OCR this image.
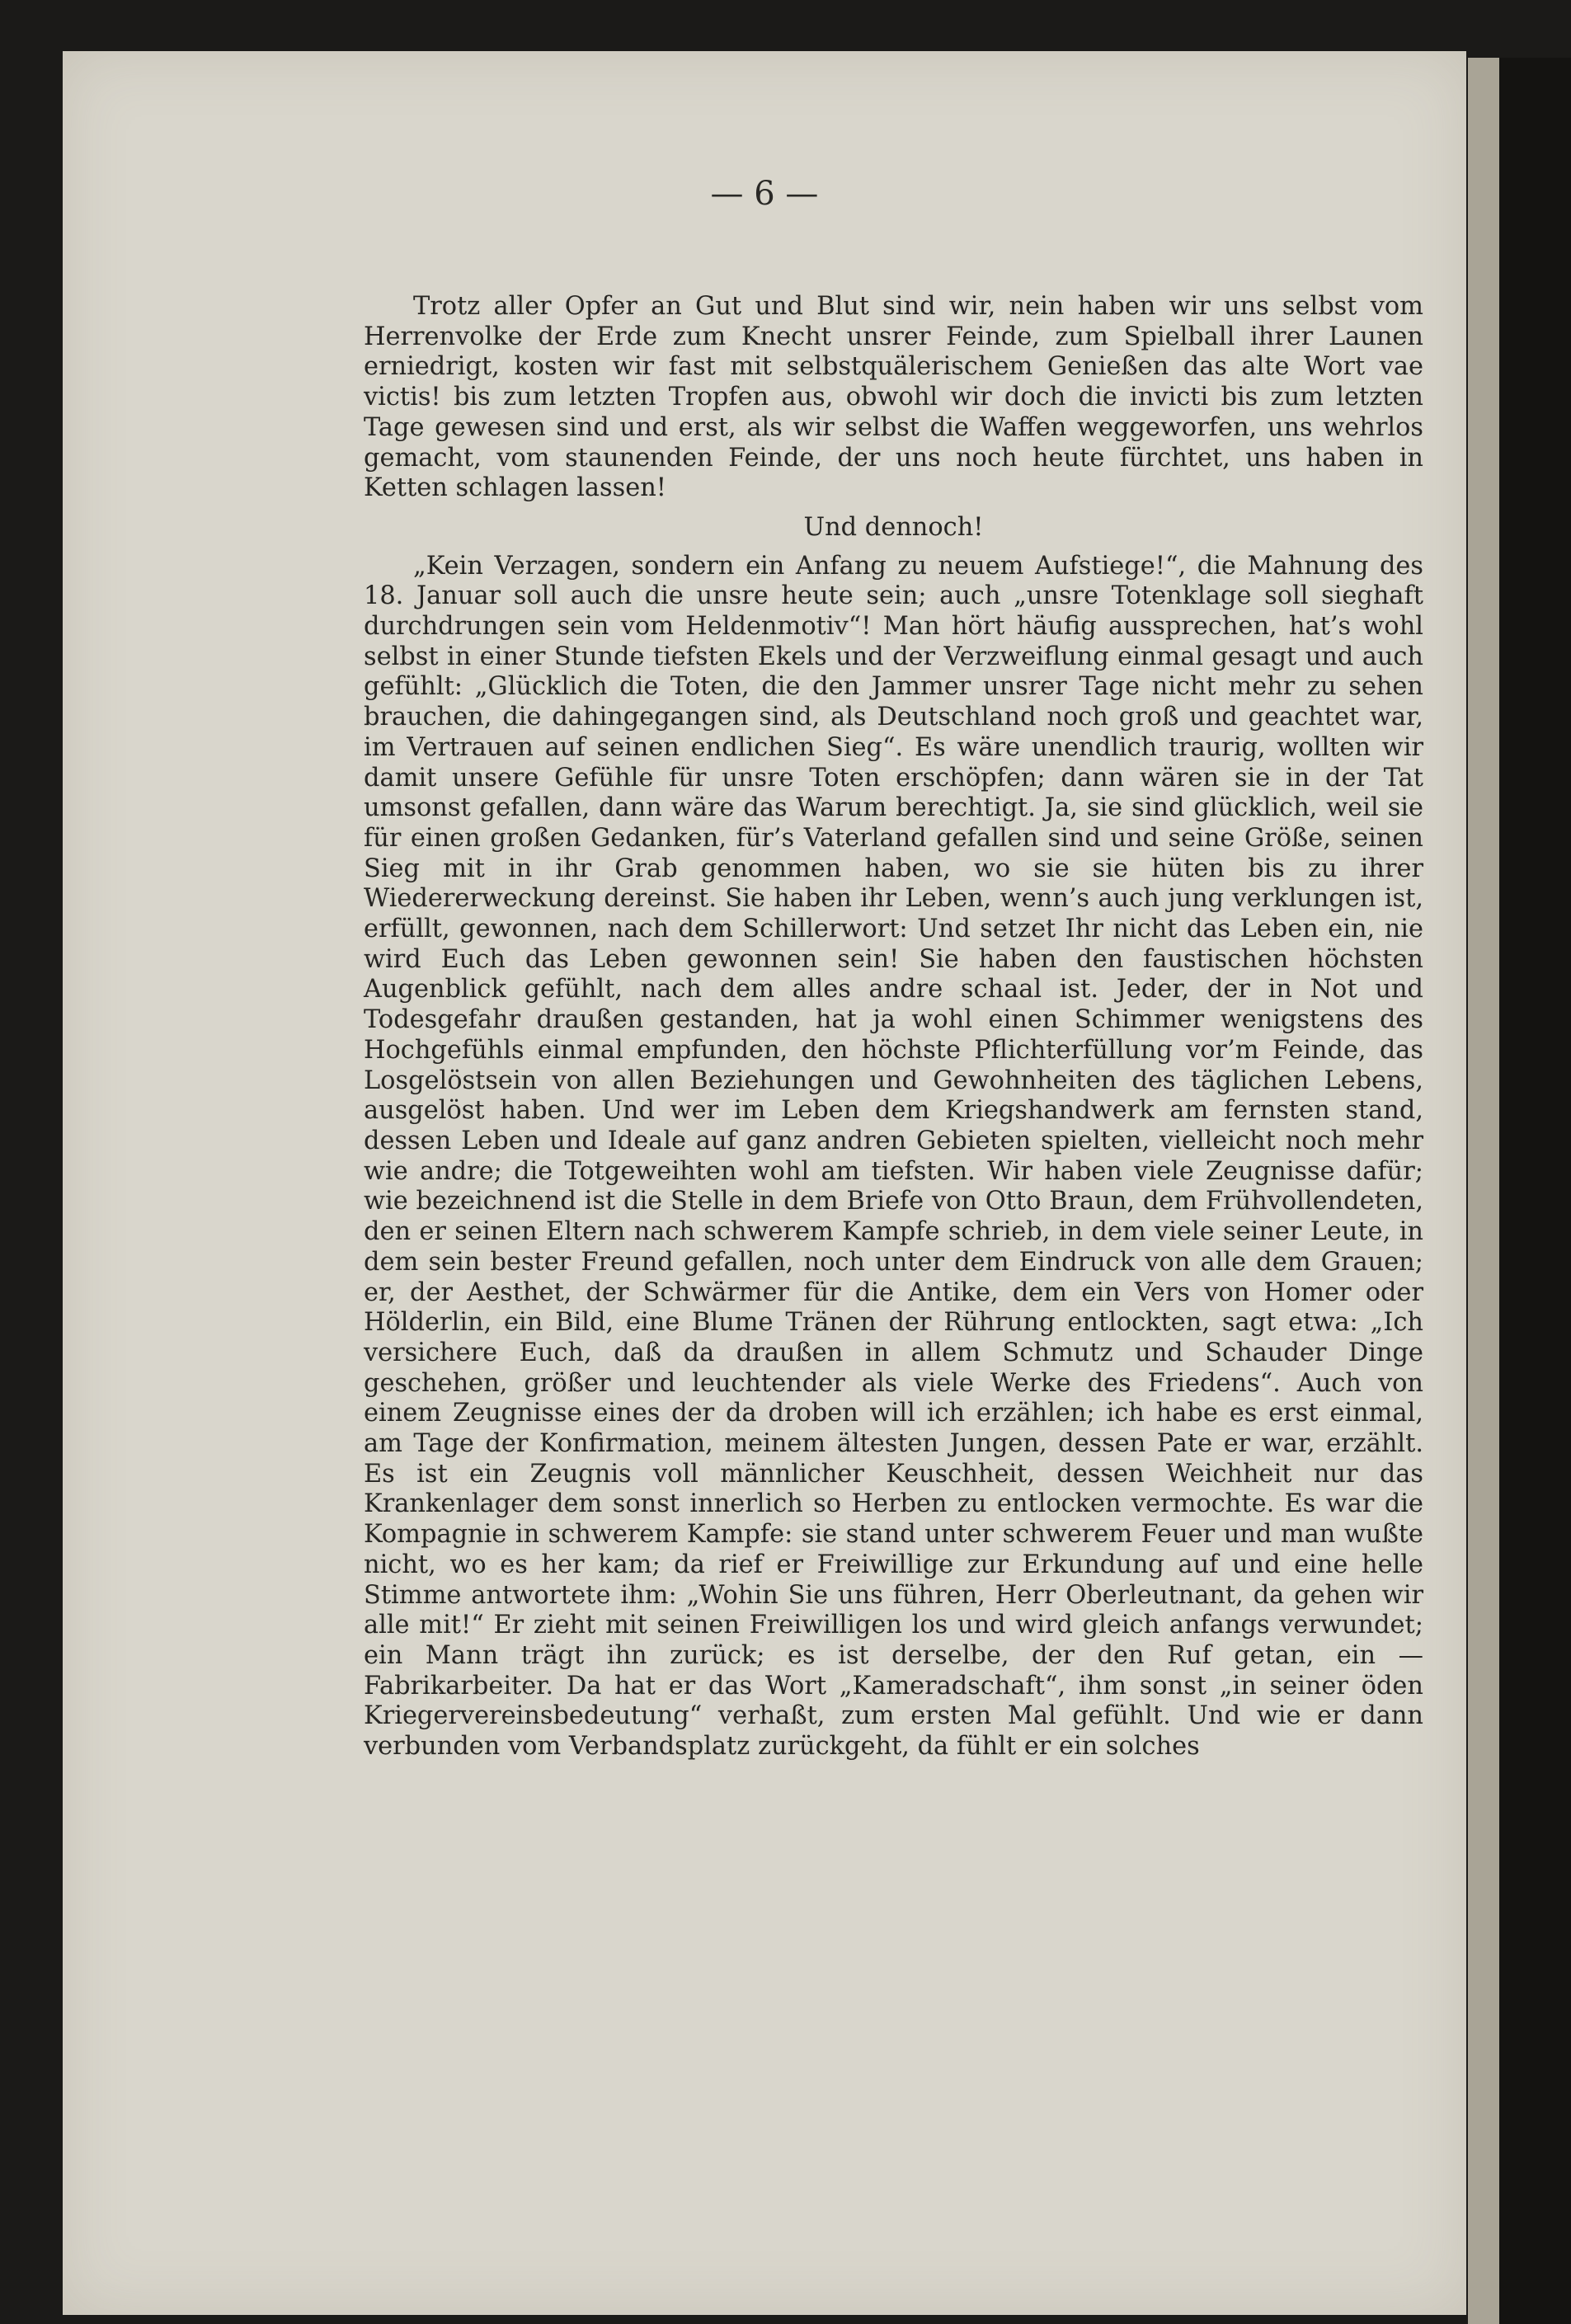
— 6 —

Trotz aller Opfer an Gut und Blut sind wir, nein haben wir uns selbst vom Herrenvolke der Erde zum Knecht unsrer Feinde, zum Spielball ihrer Launen erniedrigt, kosten wir fast mit selbstquälerischem Genießen das alte Wort vae victis! bis zum letzten Tropfen aus, obwohl wir doch die invicti bis zum letzten Tage gewesen sind und erst, als wir selbst die Waffen weggeworfen, uns wehrlos gemacht, vom staunenden Feinde, der uns noch heute fürchtet, uns haben in Ketten schlagen lassen!

Und dennoch!

„Kein Verzagen, sondern ein Anfang zu neuem Aufstiege!“, die Mahnung des 18. Januar soll auch die unsre heute sein; auch „unsre Totenklage soll sieghaft durchdrungen sein vom Heldenmotiv“! Man hört häufig aussprechen, hat’s wohl selbst in einer Stunde tiefsten Ekels und der Verzweiflung einmal gesagt und auch gefühlt: „Glücklich die Toten, die den Jammer unsrer Tage nicht mehr zu sehen brauchen, die dahingegangen sind, als Deutschland noch groß und geachtet war, im Vertrauen auf seinen endlichen Sieg“. Es wäre unendlich traurig, wollten wir damit unsere Gefühle für unsre Toten erschöpfen; dann wären sie in der Tat umsonst gefallen, dann wäre das Warum berechtigt. Ja, sie sind glücklich, weil sie für einen großen Gedanken, für’s Vaterland gefallen sind und seine Größe, seinen Sieg mit in ihr Grab genommen haben, wo sie sie hüten bis zu ihrer Wiedererweckung dereinst. Sie haben ihr Leben, wenn’s auch jung verklungen ist, erfüllt, gewonnen, nach dem Schillerwort: Und setzet Ihr nicht das Leben ein, nie wird Euch das Leben gewonnen sein! Sie haben den faustischen höchsten Augenblick gefühlt, nach dem alles andre schaal ist. Jeder, der in Not und Todesgefahr draußen gestanden, hat ja wohl einen Schimmer wenigstens des Hochgefühls einmal empfunden, den höchste Pflichterfüllung vor’m Feinde, das Losgelöstsein von allen Beziehungen und Gewohnheiten des täglichen Lebens, ausgelöst haben. Und wer im Leben dem Kriegshandwerk am fernsten stand, dessen Leben und Ideale auf ganz andren Gebieten spielten, vielleicht noch mehr wie andre; die Totgeweihten wohl am tiefsten. Wir haben viele Zeugnisse dafür; wie bezeichnend ist die Stelle in dem Briefe von Otto Braun, dem Frühvollendeten, den er seinen Eltern nach schwerem Kampfe schrieb, in dem viele seiner Leute, in dem sein bester Freund gefallen, noch unter dem Eindruck von alle dem Grauen; er, der Aesthet, der Schwärmer für die Antike, dem ein Vers von Homer oder Hölderlin, ein Bild, eine Blume Tränen der Rührung entlockten, sagt etwa: „Ich versichere Euch, daß da draußen in allem Schmutz und Schauder Dinge geschehen, größer und leuchtender als viele Werke des Friedens“. Auch von einem Zeugnisse eines der da droben will ich erzählen; ich habe es erst einmal, am Tage der Konfirmation, meinem ältesten Jungen, dessen Pate er war, erzählt. Es ist ein Zeugnis voll männlicher Keuschheit, dessen Weichheit nur das Krankenlager dem sonst innerlich so Herben zu entlocken vermochte. Es war die Kompagnie in schwerem Kampfe: sie stand unter schwerem Feuer und man wußte nicht, wo es her kam; da rief er Freiwillige zur Erkundung auf und eine helle Stimme antwortete ihm: „Wohin Sie uns führen, Herr Oberleutnant, da gehen wir alle mit!“ Er zieht mit seinen Freiwilligen los und wird gleich anfangs verwundet; ein Mann trägt ihn zurück; es ist derselbe, der den Ruf getan, ein — Fabrikarbeiter. Da hat er das Wort „Kameradschaft“, ihm sonst „in seiner öden Kriegervereinsbedeutung“ verhaßt, zum ersten Mal gefühlt. Und wie er dann verbunden vom Verbandsplatz zurückgeht, da fühlt er ein solches
